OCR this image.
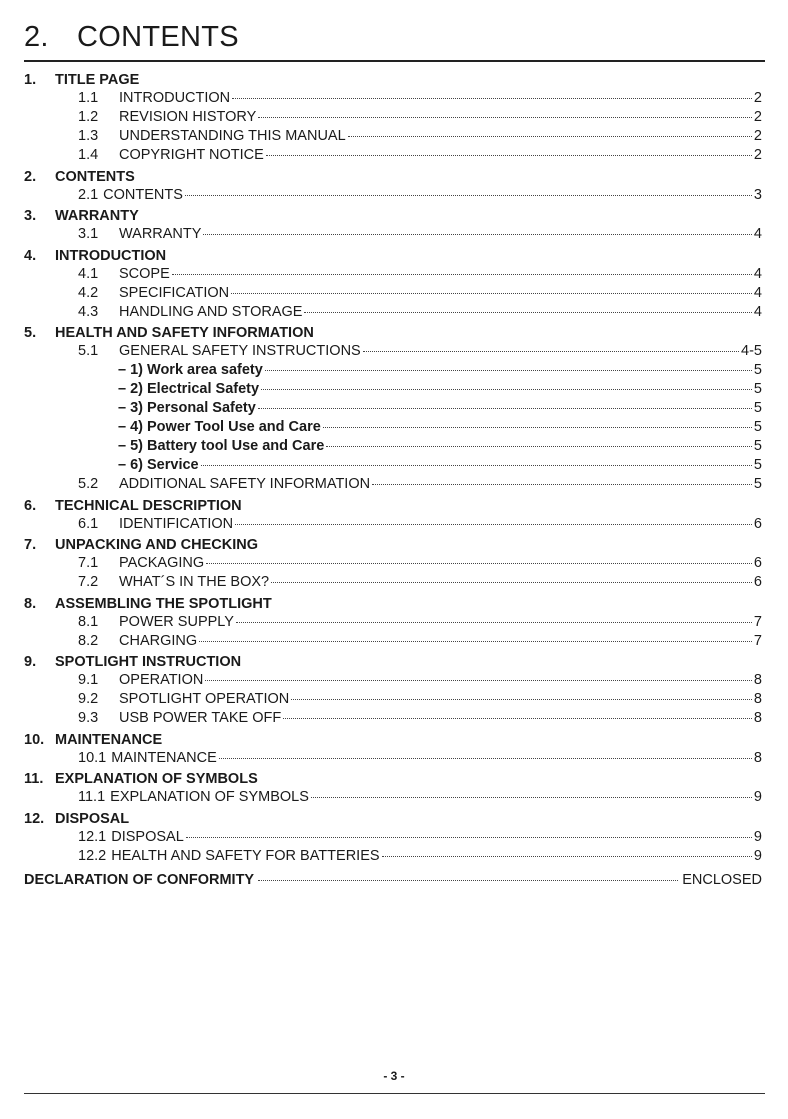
2. CONTENTS
1.	TITLE PAGE
1.1	INTRODUCTION	2
1.2	REVISION HISTORY	2
1.3	UNDERSTANDING THIS MANUAL	2
1.4	COPYRIGHT NOTICE	2
2.	CONTENTS
2.1 CONTENTS	3
3.	WARRANTY
3.1	WARRANTY	4
4.	INTRODUCTION
4.1	SCOPE	4
4.2	SPECIFICATION	4
4.3	HANDLING AND STORAGE	4
5.	HEALTH AND SAFETY INFORMATION
5.1	GENERAL SAFETY INSTRUCTIONS	4-5
– 1) Work area safety	5
– 2) Electrical Safety	5
– 3) Personal Safety	5
– 4) Power Tool Use and Care	5
– 5) Battery tool Use and Care	5
– 6) Service	5
5.2	ADDITIONAL SAFETY INFORMATION	5
6.	TECHNICAL DESCRIPTION
6.1	IDENTIFICATION	6
7.	UNPACKING AND CHECKING
7.1	PACKAGING	6
7.2	WHAT´S IN THE BOX?	6
8.	ASSEMBLING THE SPOTLIGHT
8.1	POWER SUPPLY	7
8.2	CHARGING	7
9.	SPOTLIGHT INSTRUCTION
9.1	OPERATION	8
9.2	SPOTLIGHT OPERATION	8
9.3	USB POWER TAKE OFF	8
10. MAINTENANCE
10.1 MAINTENANCE	8
11. EXPLANATION OF SYMBOLS
11.1 EXPLANATION OF SYMBOLS	9
12. DISPOSAL
12.1 DISPOSAL	9
12.2 HEALTH AND SAFETY FOR BATTERIES	9
DECLARATION OF CONFORMITY	ENCLOSED
- 3 -
